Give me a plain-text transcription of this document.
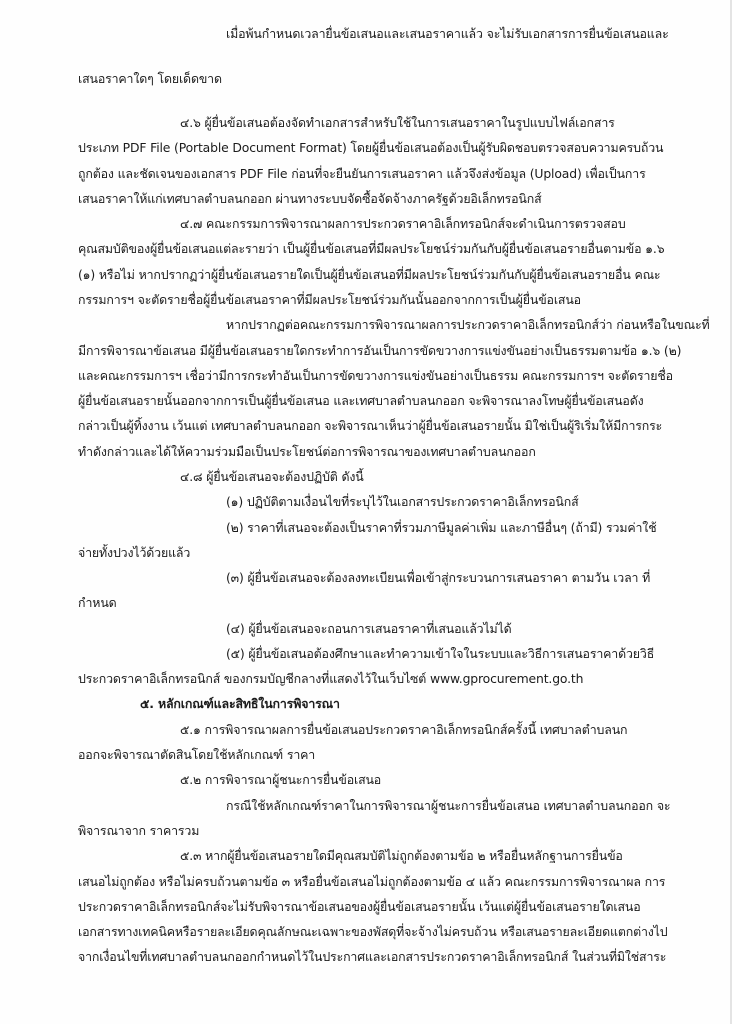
เมื่อพ้นกำหนดเวลายื่นข้อเสนอและเสนอราคาแล้ว จะไม่รับเอกสารการยื่นข้อเสนอและ

เสนอราคาใดๆ โดยเด็ดขาด

๔.๖ ผู้ยื่นข้อเสนอต้องจัดทำเอกสารสำหรับใช้ในการเสนอราคาในรูปแบบไฟล์เอกสาร

ประเภท PDF File (Portable Document Format) โดยผู้ยื่นข้อเสนอต้องเป็นผู้รับผิดชอบตรวจสอบความครบถ้วน

ถูกต้อง และชัดเจนของเอกสาร PDF File ก่อนที่จะยืนยันการเสนอราคา แล้วจึงส่งข้อมูล (Upload) เพื่อเป็นการ

เสนอราคาให้แก่เทศบาลตำบลนกออก ผ่านทางระบบจัดซื้อจัดจ้างภาครัฐด้วยอิเล็กทรอนิกส์

๔.๗ คณะกรรมการพิจารณาผลการประกวดราคาอิเล็กทรอนิกส์จะดำเนินการตรวจสอบ

คุณสมบัติของผู้ยื่นข้อเสนอแต่ละรายว่า เป็นผู้ยื่นข้อเสนอที่มีผลประโยชน์ร่วมกันกับผู้ยื่นข้อเสนอรายอื่นตามข้อ ๑.๖

(๑) หรือไม่ หากปรากฏว่าผู้ยื่นข้อเสนอรายใดเป็นผู้ยื่นข้อเสนอที่มีผลประโยชน์ร่วมกันกับผู้ยื่นข้อเสนอรายอื่น คณะ

กรรมการฯ จะตัดรายชื่อผู้ยื่นข้อเสนอราคาที่มีผลประโยชน์ร่วมกันนั้นออกจากการเป็นผู้ยื่นข้อเสนอ

หากปรากฏต่อคณะกรรมการพิจารณาผลการประกวดราคาอิเล็กทรอนิกส์ว่า ก่อนหรือในขณะที่

มีการพิจารณาข้อเสนอ มีผู้ยื่นข้อเสนอรายใดกระทำการอันเป็นการขัดขวางการแข่งขันอย่างเป็นธรรมตามข้อ ๑.๖ (๒)

และคณะกรรมการฯ เชื่อว่ามีการกระทำอันเป็นการขัดขวางการแข่งขันอย่างเป็นธรรม คณะกรรมการฯ จะตัดรายชื่อ

ผู้ยื่นข้อเสนอรายนั้นออกจากการเป็นผู้ยื่นข้อเสนอ และเทศบาลตำบลนกออก จะพิจารณาลงโทษผู้ยื่นข้อเสนอดัง

กล่าวเป็นผู้ทิ้งงาน เว้นแต่ เทศบาลตำบลนกออก จะพิจารณาเห็นว่าผู้ยื่นข้อเสนอรายนั้น มิใช่เป็นผู้ริเริ่มให้มีการกระ

ทำดังกล่าวและได้ให้ความร่วมมือเป็นประโยชน์ต่อการพิจารณาของเทศบาลตำบลนกออก

๔.๘ ผู้ยื่นข้อเสนอจะต้องปฏิบัติ ดังนี้

(๑) ปฏิบัติตามเงื่อนไขที่ระบุไว้ในเอกสารประกวดราคาอิเล็กทรอนิกส์

(๒) ราคาที่เสนอจะต้องเป็นราคาที่รวมภาษีมูลค่าเพิ่ม และภาษีอื่นๆ (ถ้ามี) รวมค่าใช้

จ่ายทั้งปวงไว้ด้วยแล้ว

(๓) ผู้ยื่นข้อเสนอจะต้องลงทะเบียนเพื่อเข้าสู่กระบวนการเสนอราคา ตามวัน เวลา ที่

กำหนด

(๔) ผู้ยื่นข้อเสนอจะถอนการเสนอราคาที่เสนอแล้วไม่ได้

(๕) ผู้ยื่นข้อเสนอต้องศึกษาและทำความเข้าใจในระบบและวิธีการเสนอราคาด้วยวิธี

ประกวดราคาอิเล็กทรอนิกส์ ของกรมบัญชีกลางที่แสดงไว้ในเว็บไซต์ www.gprocurement.go.th

๕. หลักเกณฑ์และสิทธิในการพิจารณา

๕.๑ การพิจารณาผลการยื่นข้อเสนอประกวดราคาอิเล็กทรอนิกส์ครั้งนี้ เทศบาลตำบลนก

ออกจะพิจารณาตัดสินโดยใช้หลักเกณฑ์ ราคา

๕.๒ การพิจารณาผู้ชนะการยื่นข้อเสนอ

กรณีใช้หลักเกณฑ์ราคาในการพิจารณาผู้ชนะการยื่นข้อเสนอ เทศบาลตำบลนกออก จะ

พิจารณาจาก ราคารวม

๕.๓ หากผู้ยื่นข้อเสนอรายใดมีคุณสมบัติไม่ถูกต้องตามข้อ ๒ หรือยื่นหลักฐานการยื่นข้อ

เสนอไม่ถูกต้อง หรือไม่ครบถ้วนตามข้อ ๓ หรือยื่นข้อเสนอไม่ถูกต้องตามข้อ ๔ แล้ว คณะกรรมการพิจารณาผล การ

ประกวดราคาอิเล็กทรอนิกส์จะไม่รับพิจารณาข้อเสนอของผู้ยื่นข้อเสนอรายนั้น เว้นแต่ผู้ยื่นข้อเสนอรายใดเสนอ

เอกสารทางเทคนิคหรือรายละเอียดคุณลักษณะเฉพาะของพัสดุที่จะจ้างไม่ครบถ้วน หรือเสนอรายละเอียดแตกต่างไป

จากเงื่อนไขที่เทศบาลตำบลนกออกกำหนดไว้ในประกาศและเอกสารประกวดราคาอิเล็กทรอนิกส์ ในส่วนที่มิใช่สาระ
